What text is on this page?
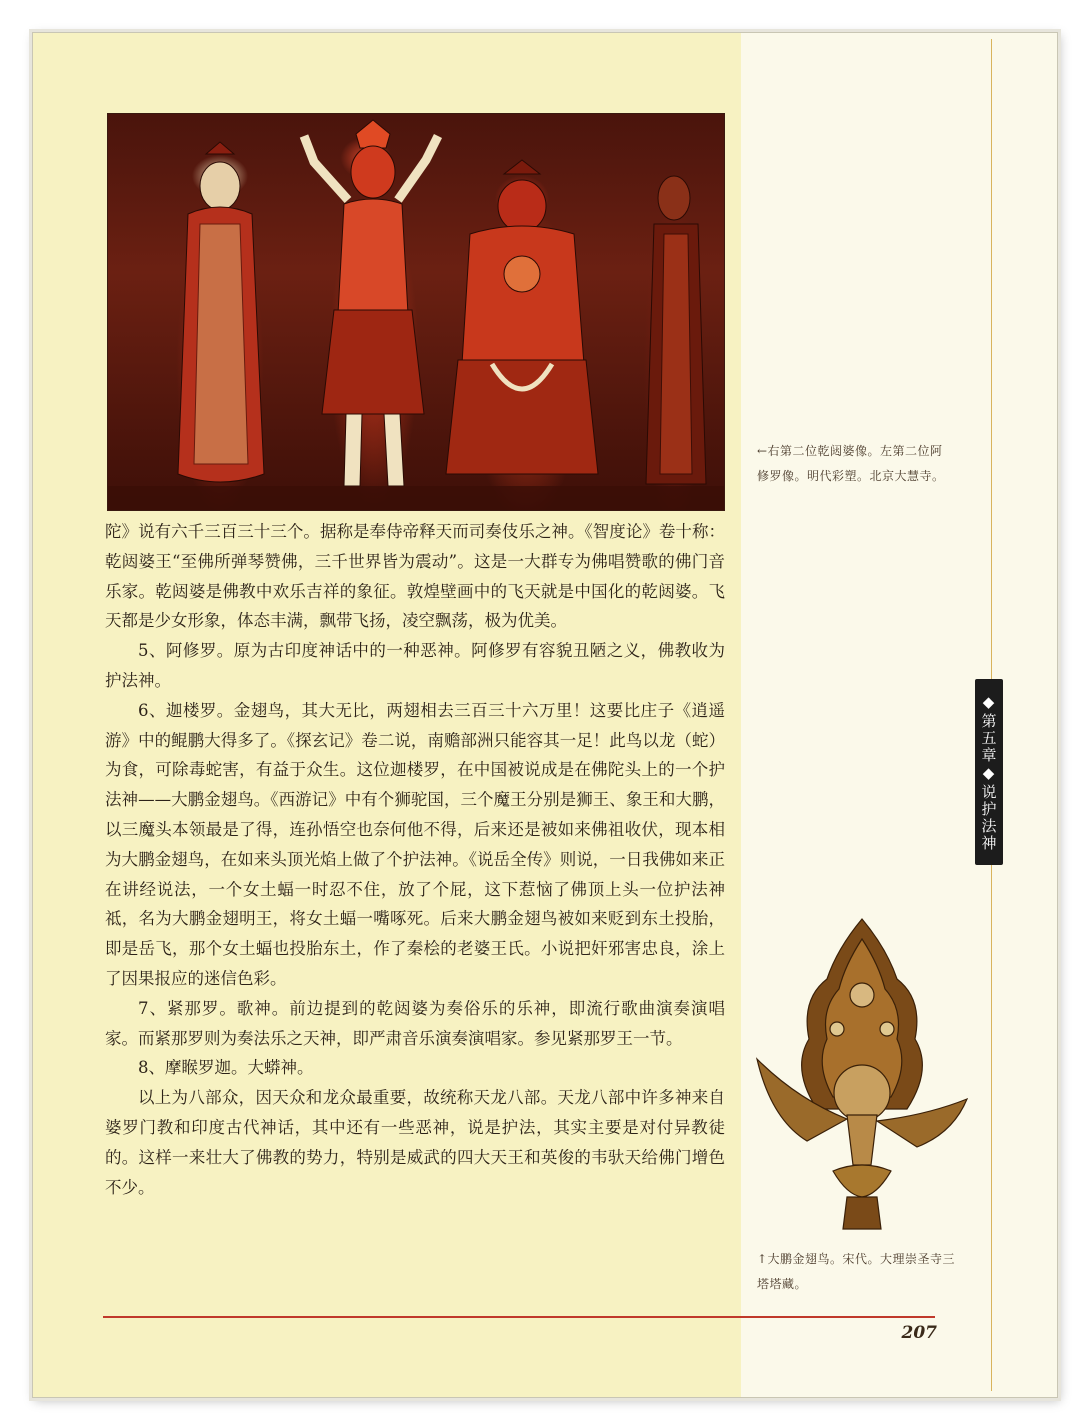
←右第二位乾闼婆像。左第二位阿修罗像。明代彩塑。北京大慧寺。

陀》说有六千三百三十三个。据称是奉侍帝释天而司奏伎乐之神。《智度论》卷十称：乾闼婆王“至佛所弹琴赞佛，三千世界皆为震动”。这是一大群专为佛唱赞歌的佛门音乐家。乾闼婆是佛教中欢乐吉祥的象征。敦煌壁画中的飞天就是中国化的乾闼婆。飞天都是少女形象，体态丰满，飘带飞扬，凌空飘荡，极为优美。

5、阿修罗。原为古印度神话中的一种恶神。阿修罗有容貌丑陋之义，佛教收为护法神。

6、迦楼罗。金翅鸟，其大无比，两翅相去三百三十六万里！这要比庄子《逍遥游》中的鲲鹏大得多了。《探玄记》卷二说，南赡部洲只能容其一足！此鸟以龙（蛇）为食，可除毒蛇害，有益于众生。这位迦楼罗，在中国被说成是在佛陀头上的一个护法神——大鹏金翅鸟。《西游记》中有个狮驼国，三个魔王分别是狮王、象王和大鹏，以三魔头本领最是了得，连孙悟空也奈何他不得，后来还是被如来佛祖收伏，现本相为大鹏金翅鸟，在如来头顶光焰上做了个护法神。《说岳全传》则说，一日我佛如来正在讲经说法，一个女土蝠一时忍不住，放了个屁，这下惹恼了佛顶上头一位护法神祗，名为大鹏金翅明王，将女土蝠一嘴啄死。后来大鹏金翅鸟被如来贬到东土投胎，即是岳飞，那个女土蝠也投胎东土，作了秦桧的老婆王氏。小说把奸邪害忠良，涂上了因果报应的迷信色彩。

7、紧那罗。歌神。前边提到的乾闼婆为奏俗乐的乐神，即流行歌曲演奏演唱家。而紧那罗则为奏法乐之天神，即严肃音乐演奏演唱家。参见紧那罗王一节。

8、摩睺罗迦。大蟒神。

以上为八部众，因天众和龙众最重要，故统称天龙八部。天龙八部中许多神来自婆罗门教和印度古代神话，其中还有一些恶神，说是护法，其实主要是对付异教徒的。这样一来壮大了佛教的势力，特别是威武的四大天王和英俊的韦驮天给佛门增色不少。

◆第五章◆说护法神
↑大鹏金翅鸟。宋代。大理崇圣寺三塔塔藏。
207
